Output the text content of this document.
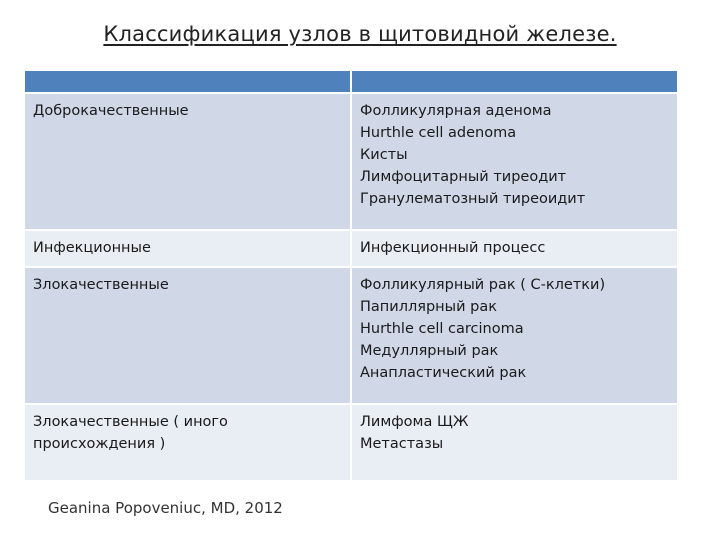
Классификация узлов в щитовидной железе.

Доброкачественные	Фолликулярная аденома
Hurthle cell adenoma
Кисты
Лимфоцитарный тиреодит
Гранулематозный тиреоидит

Инфекционные	Инфекционный процесс

Злокачественные	Фолликулярный рак ( С-клетки)
Папиллярный рак
Hurthle cell carcinoma
Медуллярный рак
Анапластический рак

Злокачественные ( иного
происхождения )	Лимфома ЩЖ
Метастазы
Geanina Popoveniuc, MD, 2012
